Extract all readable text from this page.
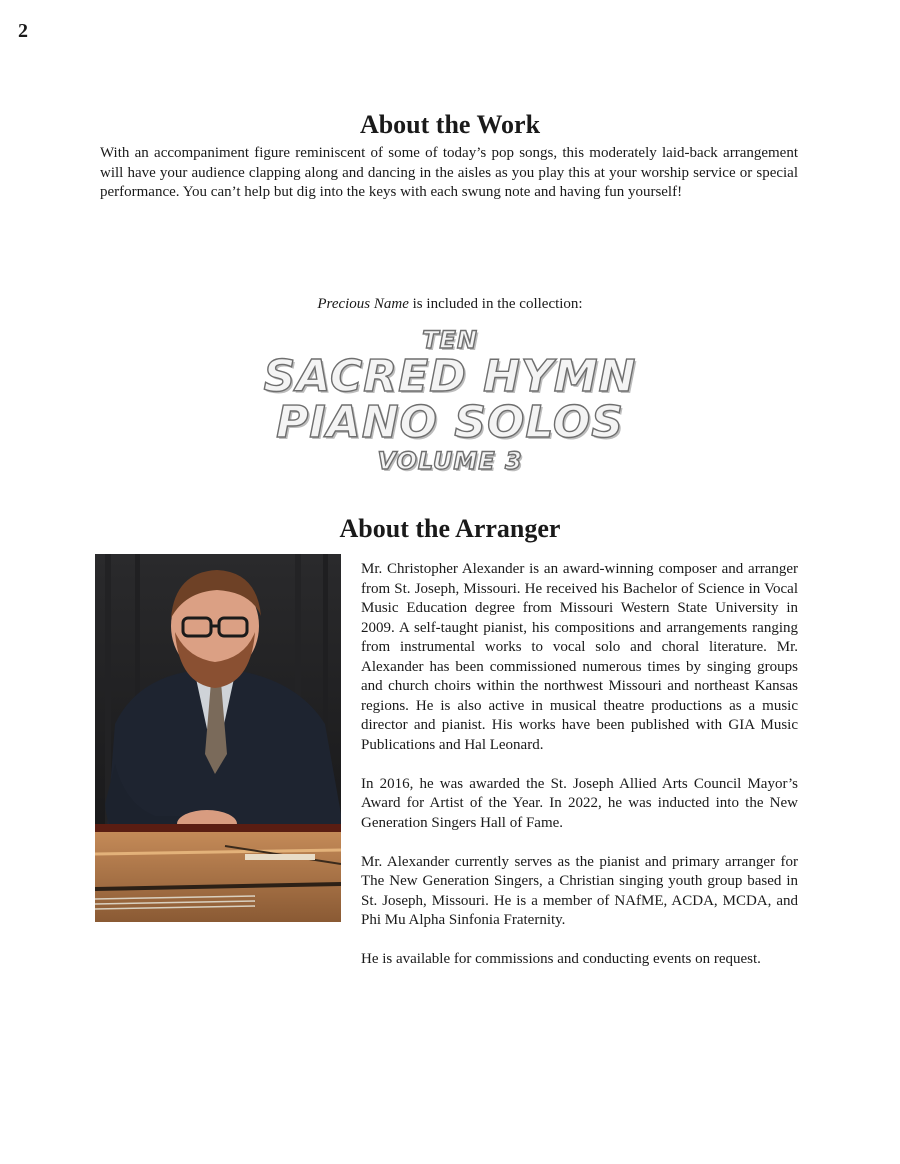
2
About the Work

With an accompaniment figure reminiscent of some of today’s pop songs, this moderately laid-back arrangement will have your audience clapping along and dancing in the aisles as you play this at your worship service or special performance. You can’t help but dig into the keys with each swung note and having fun yourself!

Precious Name is included in the collection:

TEN
SACRED HYMN
PIANO SOLOS
VOLUME 3
About the Arranger

Mr. Christopher Alexander is an award-winning composer and arranger from St. Joseph, Missouri. He received his Bachelor of Science in Vocal Music Education degree from Missouri Western State University in 2009. A self-taught pianist, his compositions and arrangements ranging from instrumental works to vocal solo and choral literature. Mr. Alexander has been commissioned numerous times by singing groups and church choirs within the northwest Missouri and northeast Kansas regions. He is also active in musical theatre productions as a music director and pianist. His works have been published with GIA Music Publications and Hal Leonard.

In 2016, he was awarded the St. Joseph Allied Arts Council Mayor’s Award for Artist of the Year. In 2022, he was inducted into the New Generation Singers Hall of Fame.

Mr. Alexander currently serves as the pianist and primary arranger for The New Generation Singers, a Christian singing youth group based in St. Joseph, Missouri. He is a member of NAfME, ACDA, MCDA, and Phi Mu Alpha Sinfonia Fraternity.

He is available for commissions and conducting events on request.
